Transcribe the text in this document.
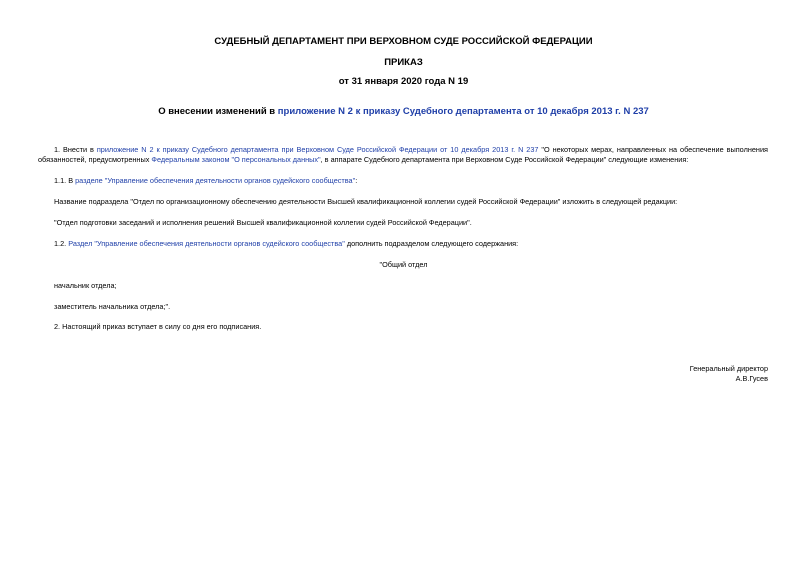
СУДЕБНЫЙ ДЕПАРТАМЕНТ ПРИ ВЕРХОВНОМ СУДЕ РОССИЙСКОЙ ФЕДЕРАЦИИ
ПРИКАЗ
от 31 января 2020 года N 19
О внесении изменений в приложение N 2 к приказу Судебного департамента от 10 декабря 2013 г. N 237
1. Внести в приложение N 2 к приказу Судебного департамента при Верховном Суде Российской Федерации от 10 декабря 2013 г. N 237 "О некоторых мерах, направленных на обеспечение выполнения обязанностей, предусмотренных Федеральным законом "О персональных данных", в аппарате Судебного департамента при Верховном Суде Российской Федерации" следующие изменения:
1.1. В разделе "Управление обеспечения деятельности органов судейского сообщества":
Название подраздела "Отдел по организационному обеспечению деятельности Высшей квалификационной коллегии судей Российской Федерации" изложить в следующей редакции:
"Отдел подготовки заседаний и исполнения решений Высшей квалификационной коллегии судей Российской Федерации".
1.2. Раздел "Управление обеспечения деятельности органов судейского сообщества" дополнить подразделом следующего содержания:
"Общий отдел
начальник отдела;
заместитель начальника отдела;".
2. Настоящий приказ вступает в силу со дня его подписания.
Генеральный директор
А.В.Гусев
